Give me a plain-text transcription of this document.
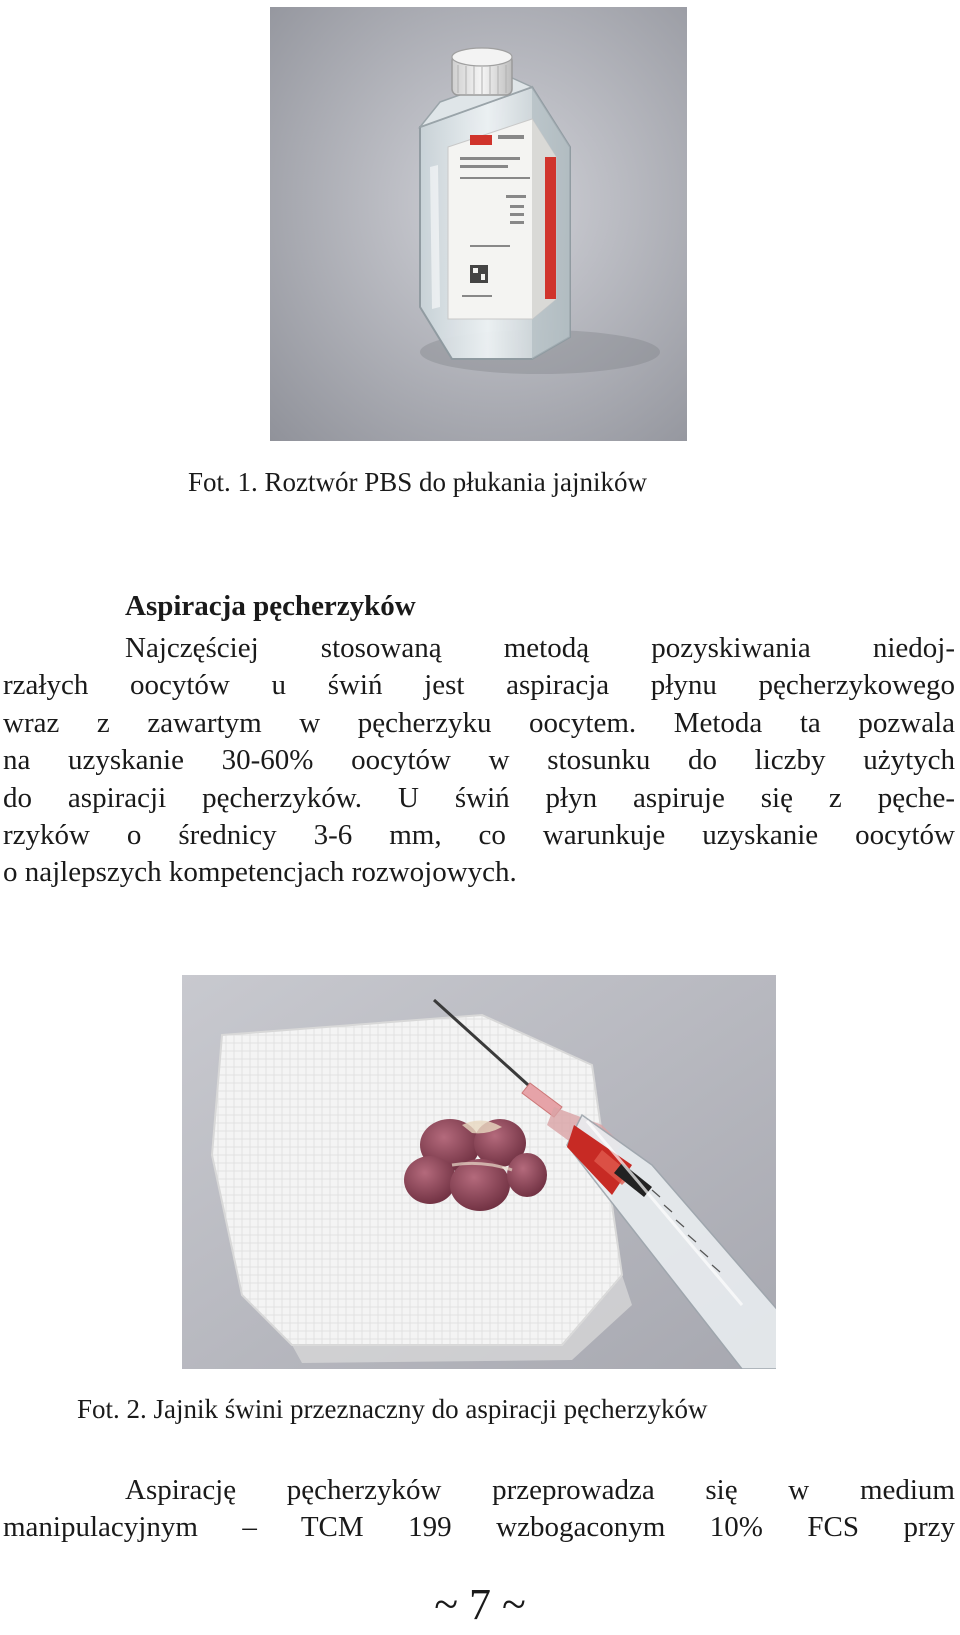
Fot. 1. Roztwór PBS do płukania jajników
Aspiracja pęcherzyków
Najczęściej stosowaną metodą pozyskiwania niedoj-
rzałych oocytów u świń jest aspiracja płynu pęcherzykowego
wraz z zawartym w pęcherzyku oocytem. Metoda ta pozwala
na uzyskanie 30-60% oocytów w stosunku do liczby użytych
do aspiracji pęcherzyków. U świń płyn aspiruje się z pęche-
rzyków o średnicy 3-6 mm, co warunkuje uzyskanie oocytów
o najlepszych kompetencjach rozwojowych.
Fot. 2. Jajnik świni przeznaczny do aspiracji pęcherzyków
Aspirację pęcherzyków przeprowadza się w medium
manipulacyjnym – TCM 199 wzbogaconym 10% FCS przy
~ 7 ~
